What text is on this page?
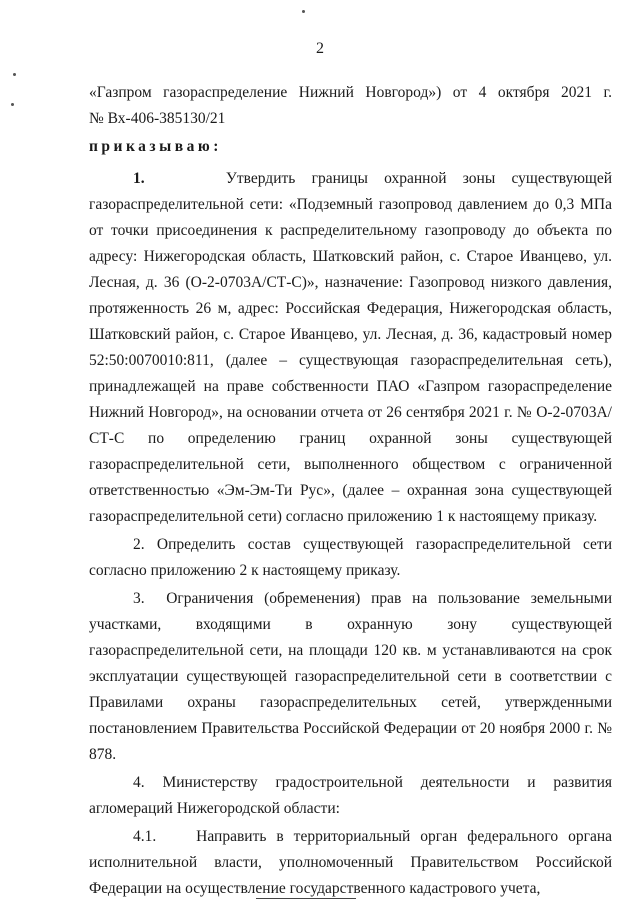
2

«Газпром газораспределение Нижний Новгород») от 4 октября 2021 г.

№ Вх-406-385130/21

приказываю:

1.	Утвердить границы охранной зоны существующей газораспределительной сети: «Подземный газопровод давлением до 0,3 МПа от точки присоединения к распределительному газопроводу до объекта по адресу: Нижегородская область, Шатковский район, с. Старое Иванцево, ул. Лесная, д. 36 (О-2-0703А/СТ-С)», назначение: Газопровод низкого давления, протяженность 26 м, адрес: Российская Федерация, Нижегородская область, Шатковский район, с. Старое Иванцево, ул. Лесная, д. 36, кадастровый номер 52:50:0070010:811, (далее – существующая газораспределительная сеть), принадлежащей на праве собственности ПАО «Газпром газораспределение Нижний Новгород», на основании отчета от 26 сентября 2021 г. № О-2-0703А/СТ-С по определению границ охранной зоны существующей газораспределительной сети, выполненного обществом с ограниченной ответственностью «Эм-Эм-Ти Рус», (далее – охранная зона существующей газораспределительной сети) согласно приложению 1 к настоящему приказу.

2. Определить состав существующей газораспределительной сети согласно приложению 2 к настоящему приказу.

3. Ограничения (обременения) прав на пользование земельными участками, входящими в охранную зону существующей газораспределительной сети, на площади 120 кв. м устанавливаются на срок эксплуатации существующей газораспределительной сети в соответствии с Правилами охраны газораспределительных сетей, утвержденными постановлением Правительства Российской Федерации от 20 ноября 2000 г. № 878.

4. Министерству градостроительной деятельности и развития агломераций Нижегородской области:

4.1.	Направить в территориальный орган федерального органа исполнительной власти, уполномоченный Правительством Российской Федерации на осуществление государственного кадастрового учета,
